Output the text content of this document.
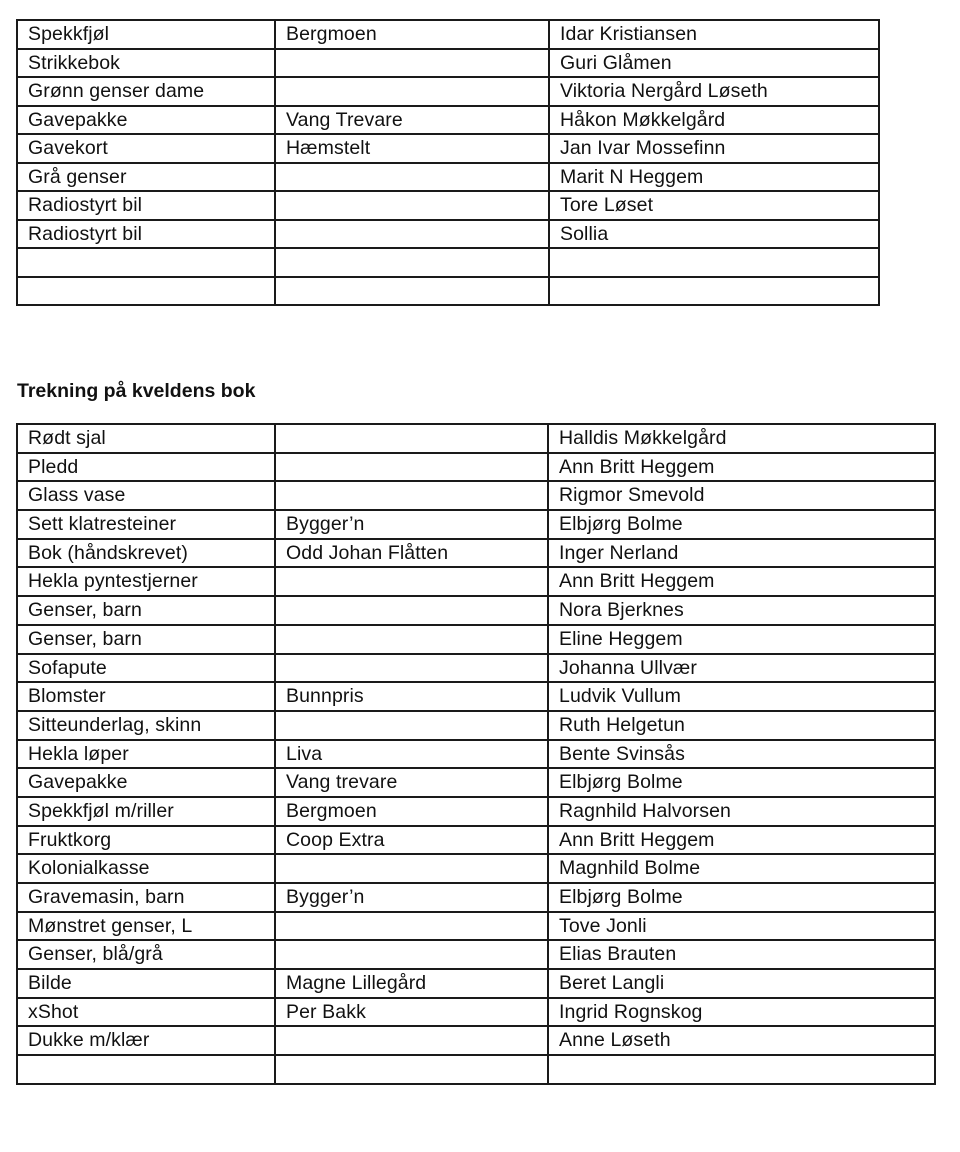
Spekkfjøl	Bergmoen	Idar Kristiansen
Strikkebok		Guri Glåmen
Grønn genser dame		Viktoria Nergård Løseth
Gavepakke	Vang Trevare	Håkon Møkkelgård
Gavekort	Hæmstelt	Jan Ivar Mossefinn
Grå genser		Marit N Heggem
Radiostyrt bil		Tore Løset
Radiostyrt bil		Sollia

Trekning på kveldens bok
Rødt sjal		Halldis Møkkelgård
Pledd		Ann Britt Heggem
Glass vase		Rigmor Smevold
Sett klatresteiner	Bygger’n	Elbjørg Bolme
Bok (håndskrevet)	Odd Johan Flåtten	Inger Nerland
Hekla pyntestjerner		Ann Britt Heggem
Genser, barn		Nora Bjerknes
Genser, barn		Eline Heggem
Sofapute		Johanna Ullvær
Blomster	Bunnpris	Ludvik Vullum
Sitteunderlag, skinn		Ruth Helgetun
Hekla løper	Liva	Bente Svinsås
Gavepakke	Vang trevare	Elbjørg Bolme
Spekkfjøl m/riller	Bergmoen	Ragnhild Halvorsen
Fruktkorg	Coop Extra	Ann Britt Heggem
Kolonialkasse		Magnhild Bolme
Gravemasin, barn	Bygger’n	Elbjørg Bolme
Mønstret genser, L		Tove Jonli
Genser, blå/grå		Elias Brauten
Bilde	Magne Lillegård	Beret Langli
xShot	Per Bakk	Ingrid Rognskog
Dukke m/klær		Anne Løseth
